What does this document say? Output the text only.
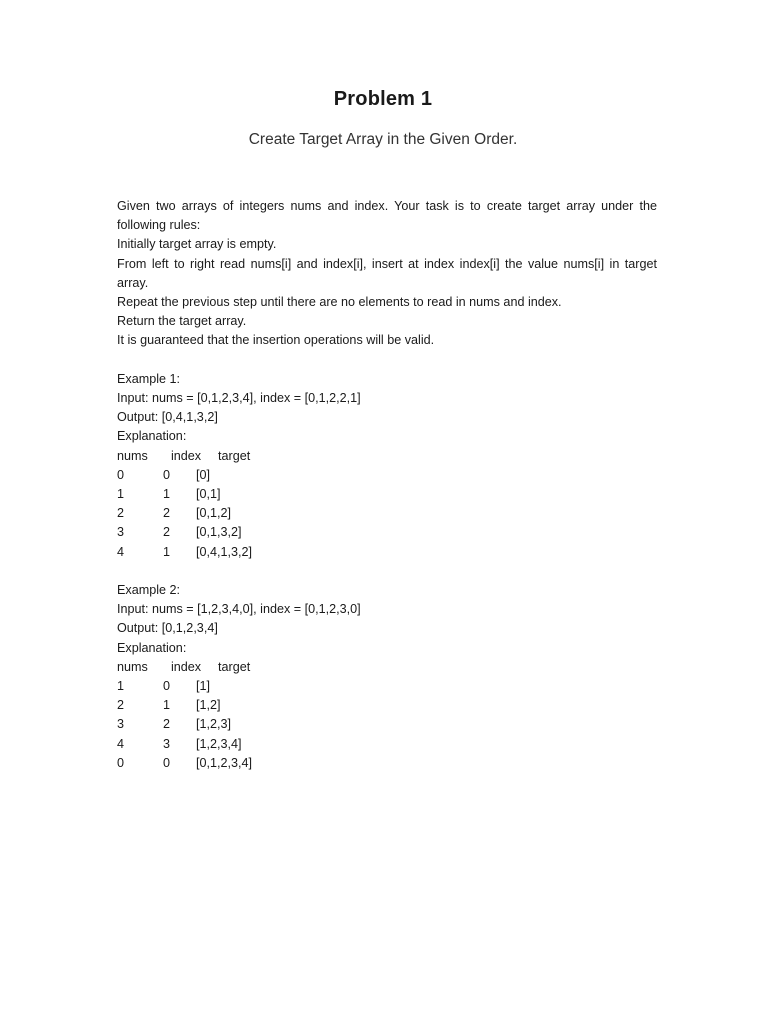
Problem 1
Create Target Array in the Given Order.

Given two arrays of integers nums and index. Your task is to create target array under the following rules:

Initially target array is empty.

From left to right read nums[i] and index[i], insert at index index[i] the value nums[i] in target array.

Repeat the previous step until there are no elements to read in nums and index.

Return the target array.

It is guaranteed that the insertion operations will be valid.

Example 1:

Input: nums = [0,1,2,3,4], index = [0,1,2,2,1]

Output: [0,4,1,3,2]

Explanation:

nums index target
0	0 [0]
1	1 [0,1]
2	2 [0,1,2]
3	2 [0,1,3,2]
4	1 [0,4,1,3,2]

Example 2:

Input: nums = [1,2,3,4,0], index = [0,1,2,3,0]

Output: [0,1,2,3,4]

Explanation:

nums index target
1	0 [1]
2	1 [1,2]
3	2 [1,2,3]
4	3 [1,2,3,4]
0	0 [0,1,2,3,4]
